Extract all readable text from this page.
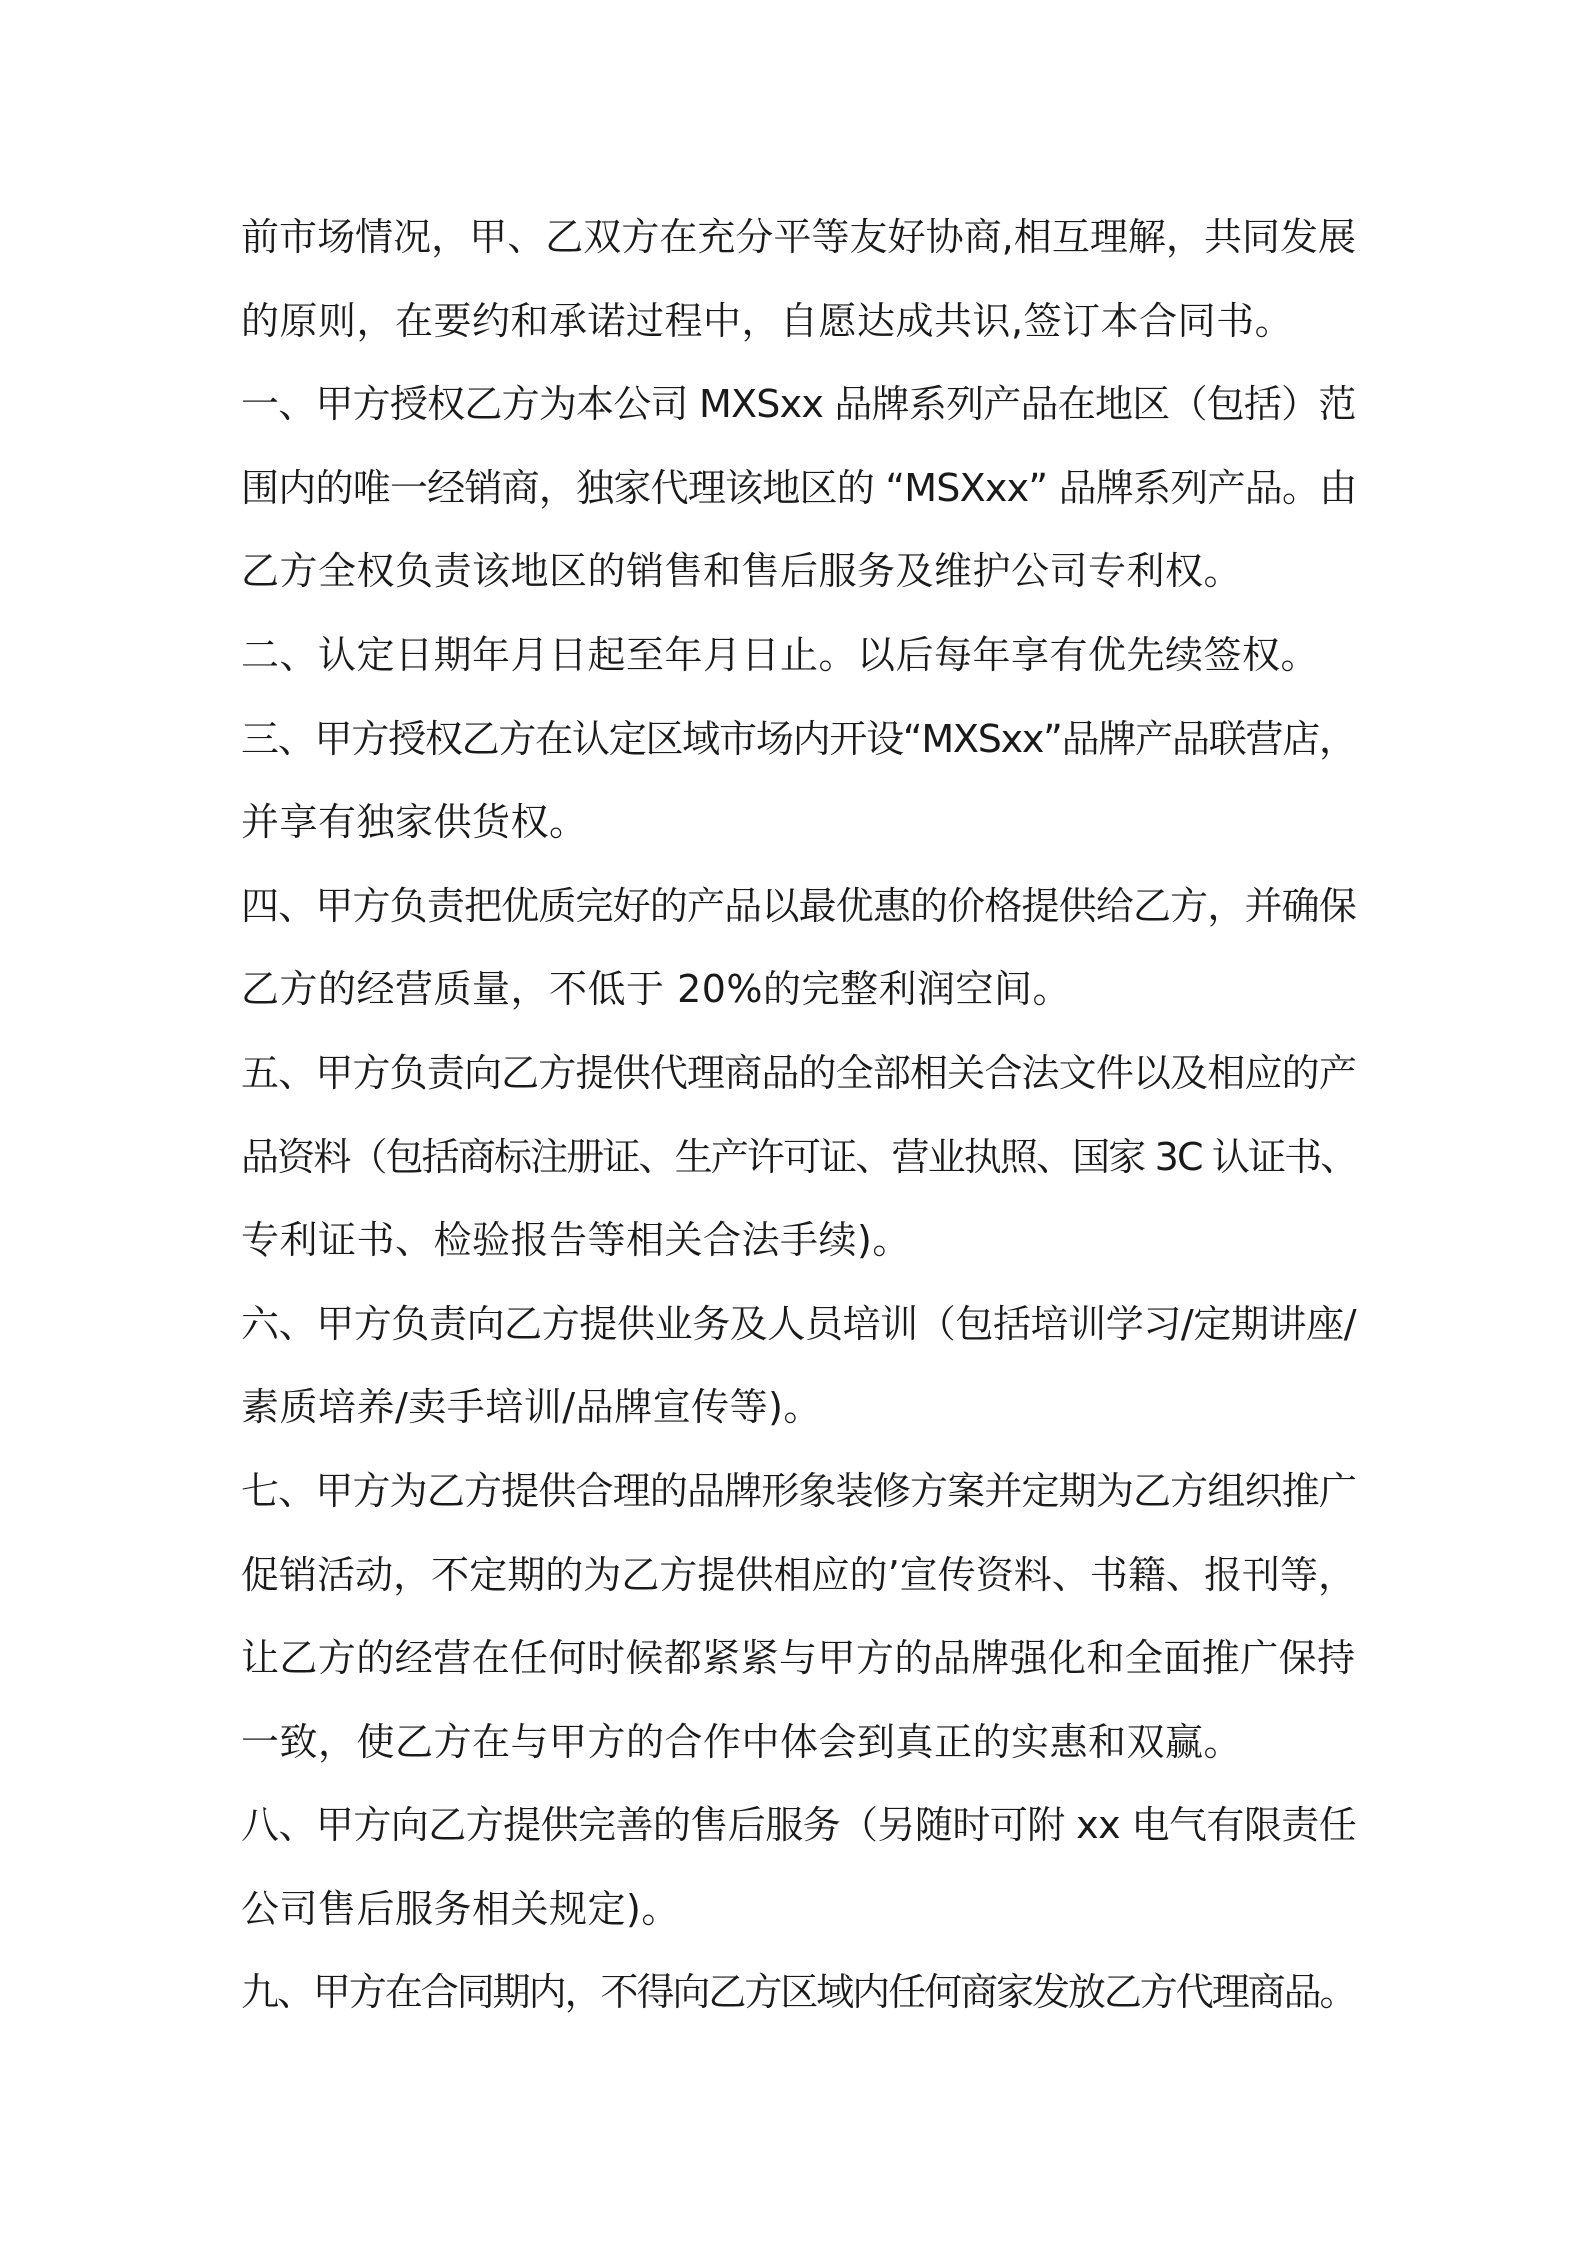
前市场情况，甲、乙双方在充分平等友好协商,相互理解，共同发展
的原则，在要约和承诺过程中，自愿达成共识,签订本合同书。
一、甲方授权乙方为本公司 MXSxx 品牌系列产品在地区（包括）范
围内的唯一经销商，独家代理该地区的 “MSXxx” 品牌系列产品。由
乙方全权负责该地区的销售和售后服务及维护公司专利权。
二、认定日期年月日起至年月日止。以后每年享有优先续签权。
三、甲方授权乙方在认定区域市场内开设“MXSxx”品牌产品联营店，
并享有独家供货权。
四、甲方负责把优质完好的产品以最优惠的价格提供给乙方，并确保
乙方的经营质量，不低于 20%的完整利润空间。
五、甲方负责向乙方提供代理商品的全部相关合法文件以及相应的产
品资料（包括商标注册证、生产许可证、营业执照、国家 3C 认证书、
专利证书、检验报告等相关合法手续)。
六、甲方负责向乙方提供业务及人员培训（包括培训学习/定期讲座/
素质培养/卖手培训/品牌宣传等)。
七、甲方为乙方提供合理的品牌形象装修方案并定期为乙方组织推广
促销活动，不定期的为乙方提供相应的’宣传资料、书籍、报刊等，
让乙方的经营在任何时候都紧紧与甲方的品牌强化和全面推广保持
一致，使乙方在与甲方的合作中体会到真正的实惠和双赢。
八、甲方向乙方提供完善的售后服务（另随时可附 xx 电气有限责任
公司售后服务相关规定)。
九、甲方在合同期内，不得向乙方区域内任何商家发放乙方代理商品。
